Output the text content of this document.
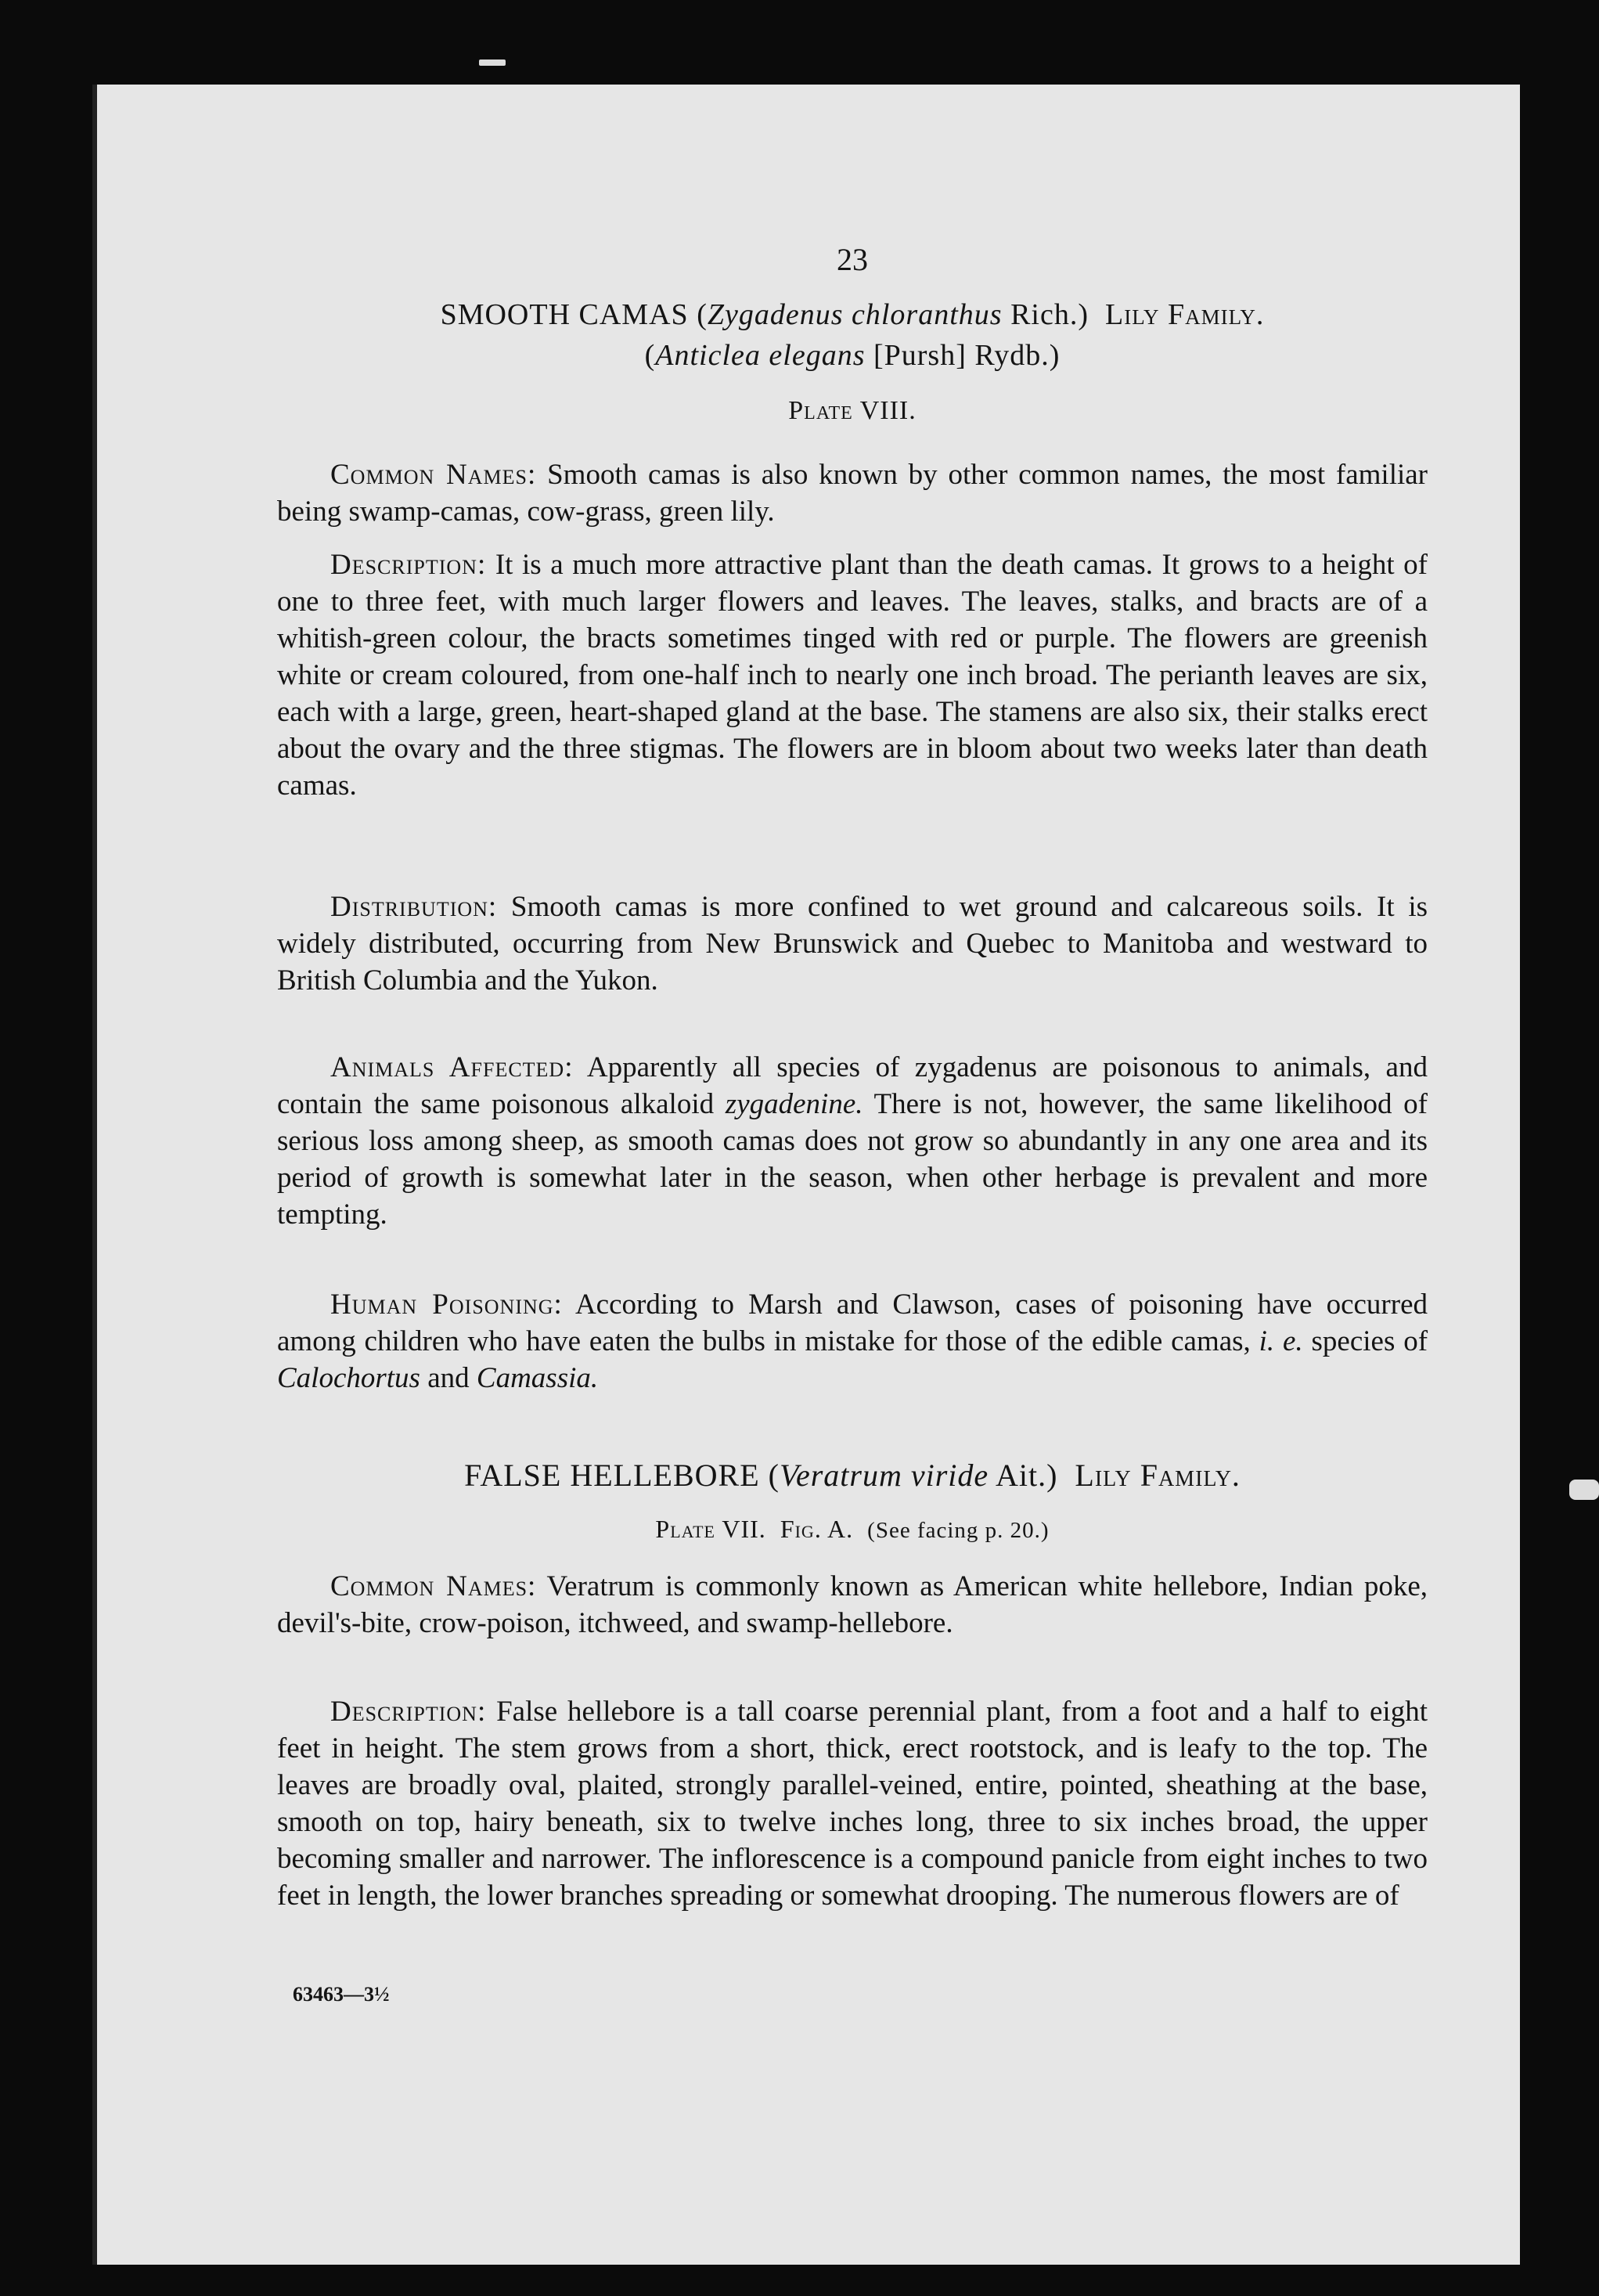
23
SMOOTH CAMAS (Zygadenus chloranthus Rich.)  Lily Family.
(Anticlea elegans [Pursh] Rydb.)
Plate VIII.

Common Names: Smooth camas is also known by other common names, the most familiar being swamp-camas, cow-grass, green lily.

Description: It is a much more attractive plant than the death camas. It grows to a height of one to three feet, with much larger flowers and leaves. The leaves, stalks, and bracts are of a whitish-green colour, the bracts sometimes tinged with red or purple. The flowers are greenish white or cream coloured, from one-half inch to nearly one inch broad. The perianth leaves are six, each with a large, green, heart-shaped gland at the base. The stamens are also six, their stalks erect about the ovary and the three stigmas. The flowers are in bloom about two weeks later than death camas.

Distribution: Smooth camas is more confined to wet ground and calcareous soils. It is widely distributed, occurring from New Brunswick and Quebec to Manitoba and westward to British Columbia and the Yukon.

Animals Affected: Apparently all species of zygadenus are poisonous to animals, and contain the same poisonous alkaloid zygadenine. There is not, however, the same likelihood of serious loss among sheep, as smooth camas does not grow so abundantly in any one area and its period of growth is somewhat later in the season, when other herbage is prevalent and more tempting.

Human Poisoning: According to Marsh and Clawson, cases of poisoning have occurred among children who have eaten the bulbs in mistake for those of the edible camas, i. e. species of Calochortus and Camassia.

FALSE HELLEBORE (Veratrum viride Ait.)  Lily Family.
Plate VII. Fig. A. (See facing p. 20.)

Common Names: Veratrum is commonly known as American white hellebore, Indian poke, devil's-bite, crow-poison, itchweed, and swamp-hellebore.

Description: False hellebore is a tall coarse perennial plant, from a foot and a half to eight feet in height. The stem grows from a short, thick, erect rootstock, and is leafy to the top. The leaves are broadly oval, plaited, strongly parallel-veined, entire, pointed, sheathing at the base, smooth on top, hairy beneath, six to twelve inches long, three to six inches broad, the upper becoming smaller and narrower. The inflorescence is a compound panicle from eight inches to two feet in length, the lower branches spreading or somewhat drooping. The numerous flowers are of

63463—3½
